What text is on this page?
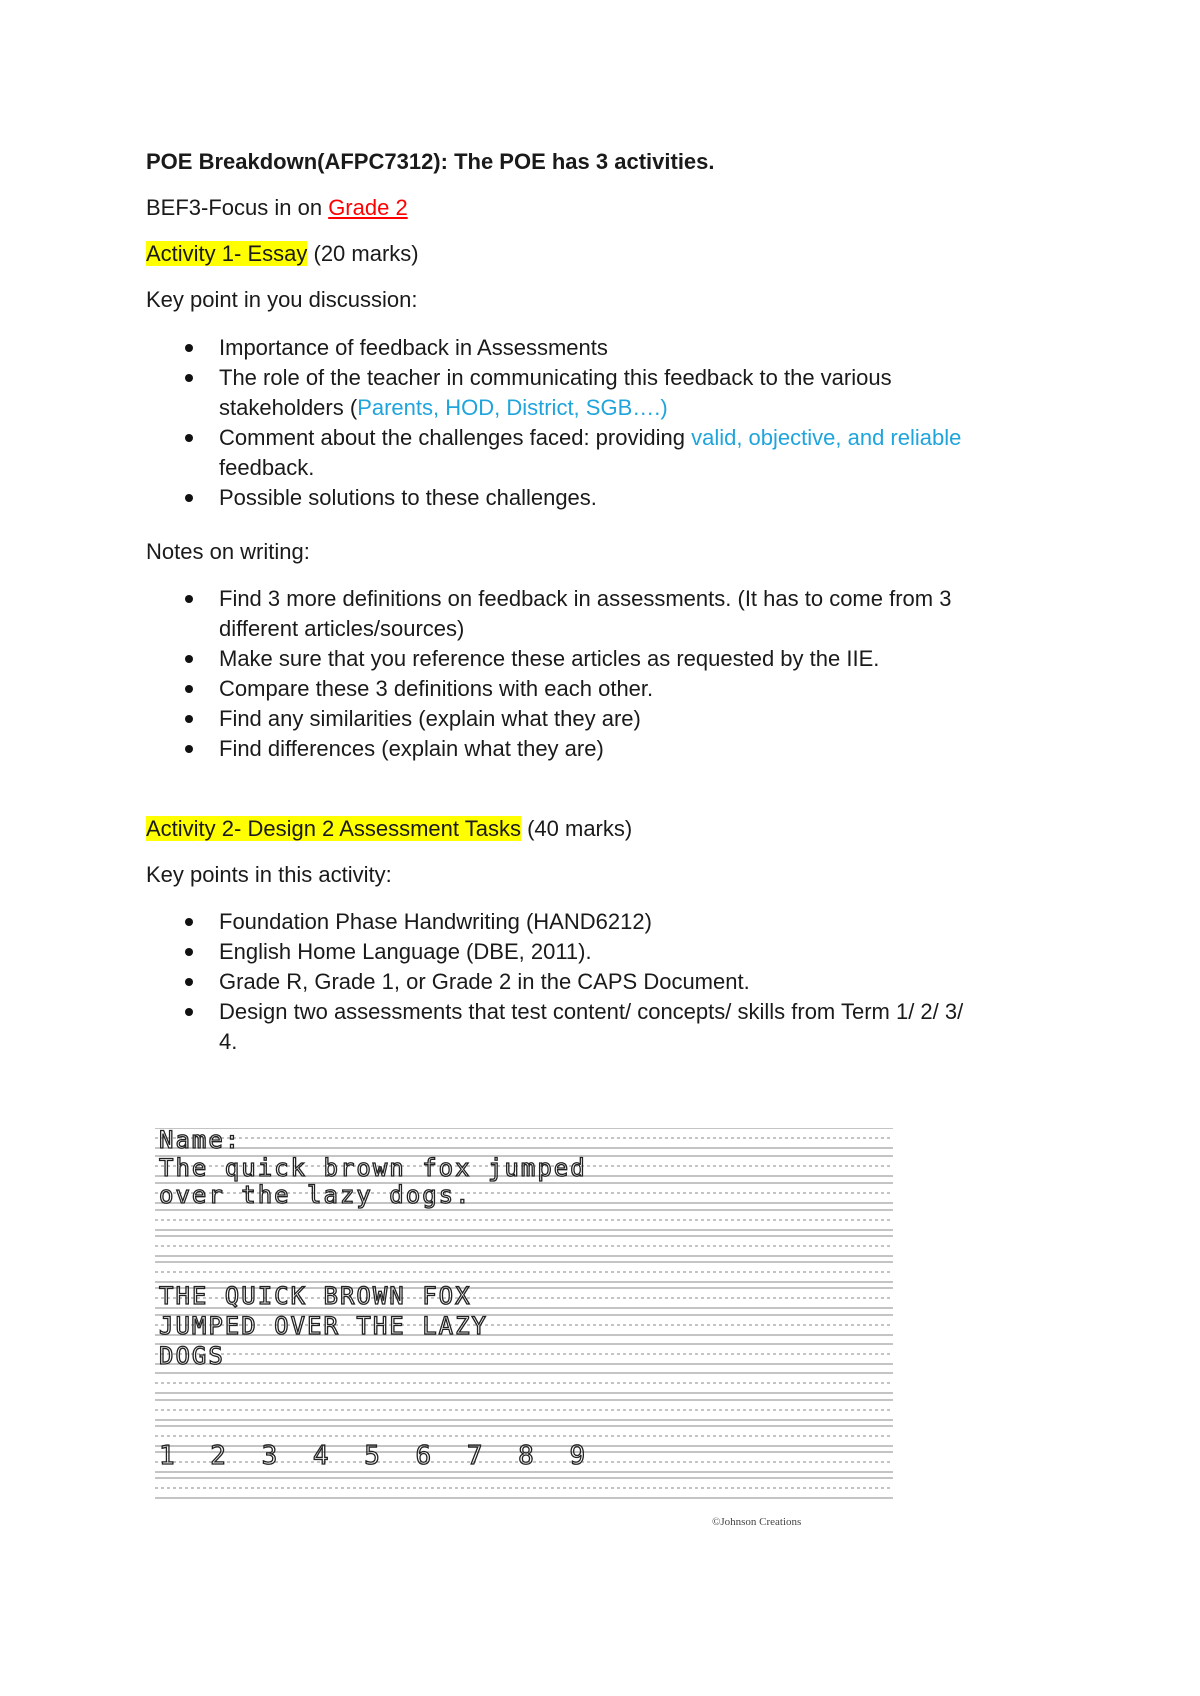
POE Breakdown(AFPC7312): The POE has 3 activities.
BEF3-Focus in on Grade 2
Activity 1- Essay (20 marks)
Key point in you discussion:
Importance of feedback in Assessments
The role of the teacher in communicating this feedback to the various
stakeholders (Parents, HOD, District, SGB….)
Comment about the challenges faced: providing valid, objective, and reliable
feedback.
Possible solutions to these challenges.
Notes on writing:
Find 3 more definitions on feedback in assessments. (It has to come from 3
different articles/sources)
Make sure that you reference these articles as requested by the IIE.
Compare these 3 definitions with each other.
Find any similarities (explain what they are)
Find differences (explain what they are)
Activity 2- Design 2 Assessment Tasks (40 marks)
Key points in this activity:
Foundation Phase Handwriting (HAND6212)
English Home Language (DBE, 2011).
Grade R, Grade 1, or Grade 2 in the CAPS Document.
Design two assessments that test content/ concepts/ skills from Term 1/ 2/ 3/
4.
Name:
The quick brown fox jumped
over the lazy dogs.
THE QUICK BROWN FOX
JUMPED OVER THE LAZY
DOGS
1 2 3 4 5 6 7 8 9
©Johnson Creations
